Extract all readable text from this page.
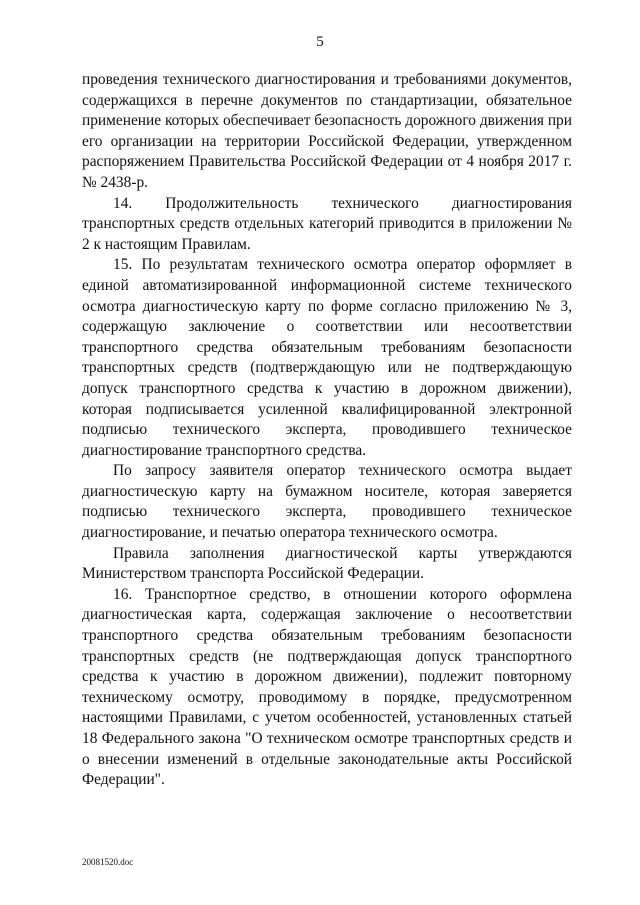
5

проведения технического диагностирования и требованиями документов, содержащихся в перечне документов по стандартизации, обязательное применение которых обеспечивает безопасность дорожного движения при его организации на территории Российской Федерации, утвержденном распоряжением Правительства Российской Федерации от 4 ноября 2017 г. № 2438-р.

14. Продолжительность технического диагностирования транспортных средств отдельных категорий приводится в приложении № 2 к настоящим Правилам.

15. По результатам технического осмотра оператор оформляет в единой автоматизированной информационной системе технического осмотра диагностическую карту по форме согласно приложению № 3, содержащую заключение о соответствии или несоответствии транспортного средства обязательным требованиям безопасности транспортных средств (подтверждающую или не подтверждающую допуск транспортного средства к участию в дорожном движении), которая подписывается усиленной квалифицированной электронной подписью технического эксперта, проводившего техническое диагностирование транспортного средства.

По запросу заявителя оператор технического осмотра выдает диагностическую карту на бумажном носителе, которая заверяется подписью технического эксперта, проводившего техническое диагностирование, и печатью оператора технического осмотра.

Правила заполнения диагностической карты утверждаются Министерством транспорта Российской Федерации.

16. Транспортное средство, в отношении которого оформлена диагностическая карта, содержащая заключение о несоответствии транспортного средства обязательным требованиям безопасности транспортных средств (не подтверждающая допуск транспортного средства к участию в дорожном движении), подлежит повторному техническому осмотру, проводимому в порядке, предусмотренном настоящими Правилами, с учетом особенностей, установленных статьей 18 Федерального закона "О техническом осмотре транспортных средств и о внесении изменений в отдельные законодательные акты Российской Федерации".

20081520.doc
